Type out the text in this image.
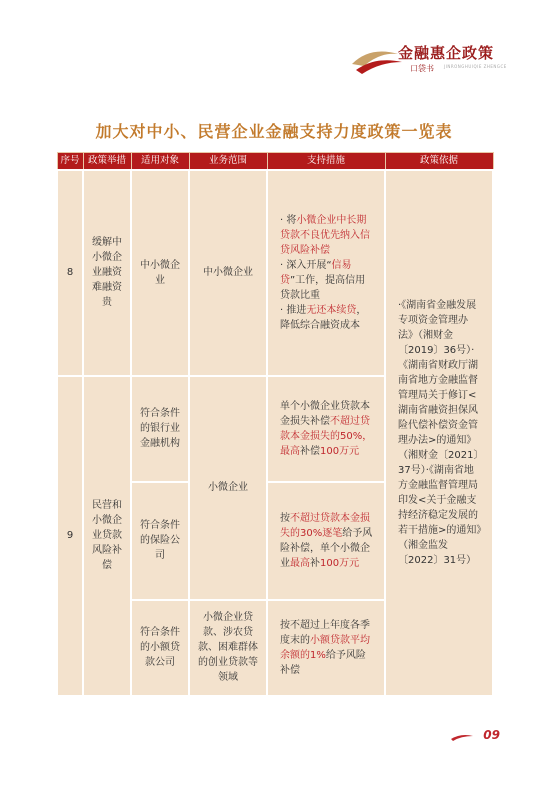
金融惠企政策
口袋书	JINRONGHUIQIE ZHENGCE
加大对中小、民营企业金融支持力度政策一览表
序号	政策举措	适用对象	业务范围	支持措施	政策依据
8	缓解中小微企业融资难融资贵	中小微企业	中小微企业	· 将小微企业中长期贷款不良优先纳入信贷风险补偿
· 深入开展“信易贷”工作，提高信用贷款比重
· 推进无还本续贷，降低综合融资成本	·《湖南省金融发展专项资金管理办法》（湘财金〔2019〕36号）·《湖南省财政厅湖南省地方金融监督管理局关于修订<湖南省融资担保风险代偿补偿资金管理办法>的通知》（湘财金〔2021〕37号）·《湖南省地方金融监督管理局印发<关于金融支持经济稳定发展的若干措施>的通知》（湘金监发〔2022〕31号）
9	民营和小微企业贷款风险补偿	符合条件的银行业金融机构	小微企业	单个小微企业贷款本金损失补偿不超过贷款本金损失的50%，最高补偿100万元	
		符合条件的保险公司		按不超过贷款本金损失的30%逐笔给予风险补偿，单个小微企业最高补100万元	
		符合条件的小额贷款公司	小微企业贷款、涉农贷款、困难群体的创业贷款等领域	按不超过上年度各季度末的小额贷款平均余额的1%给予风险补偿	
09
